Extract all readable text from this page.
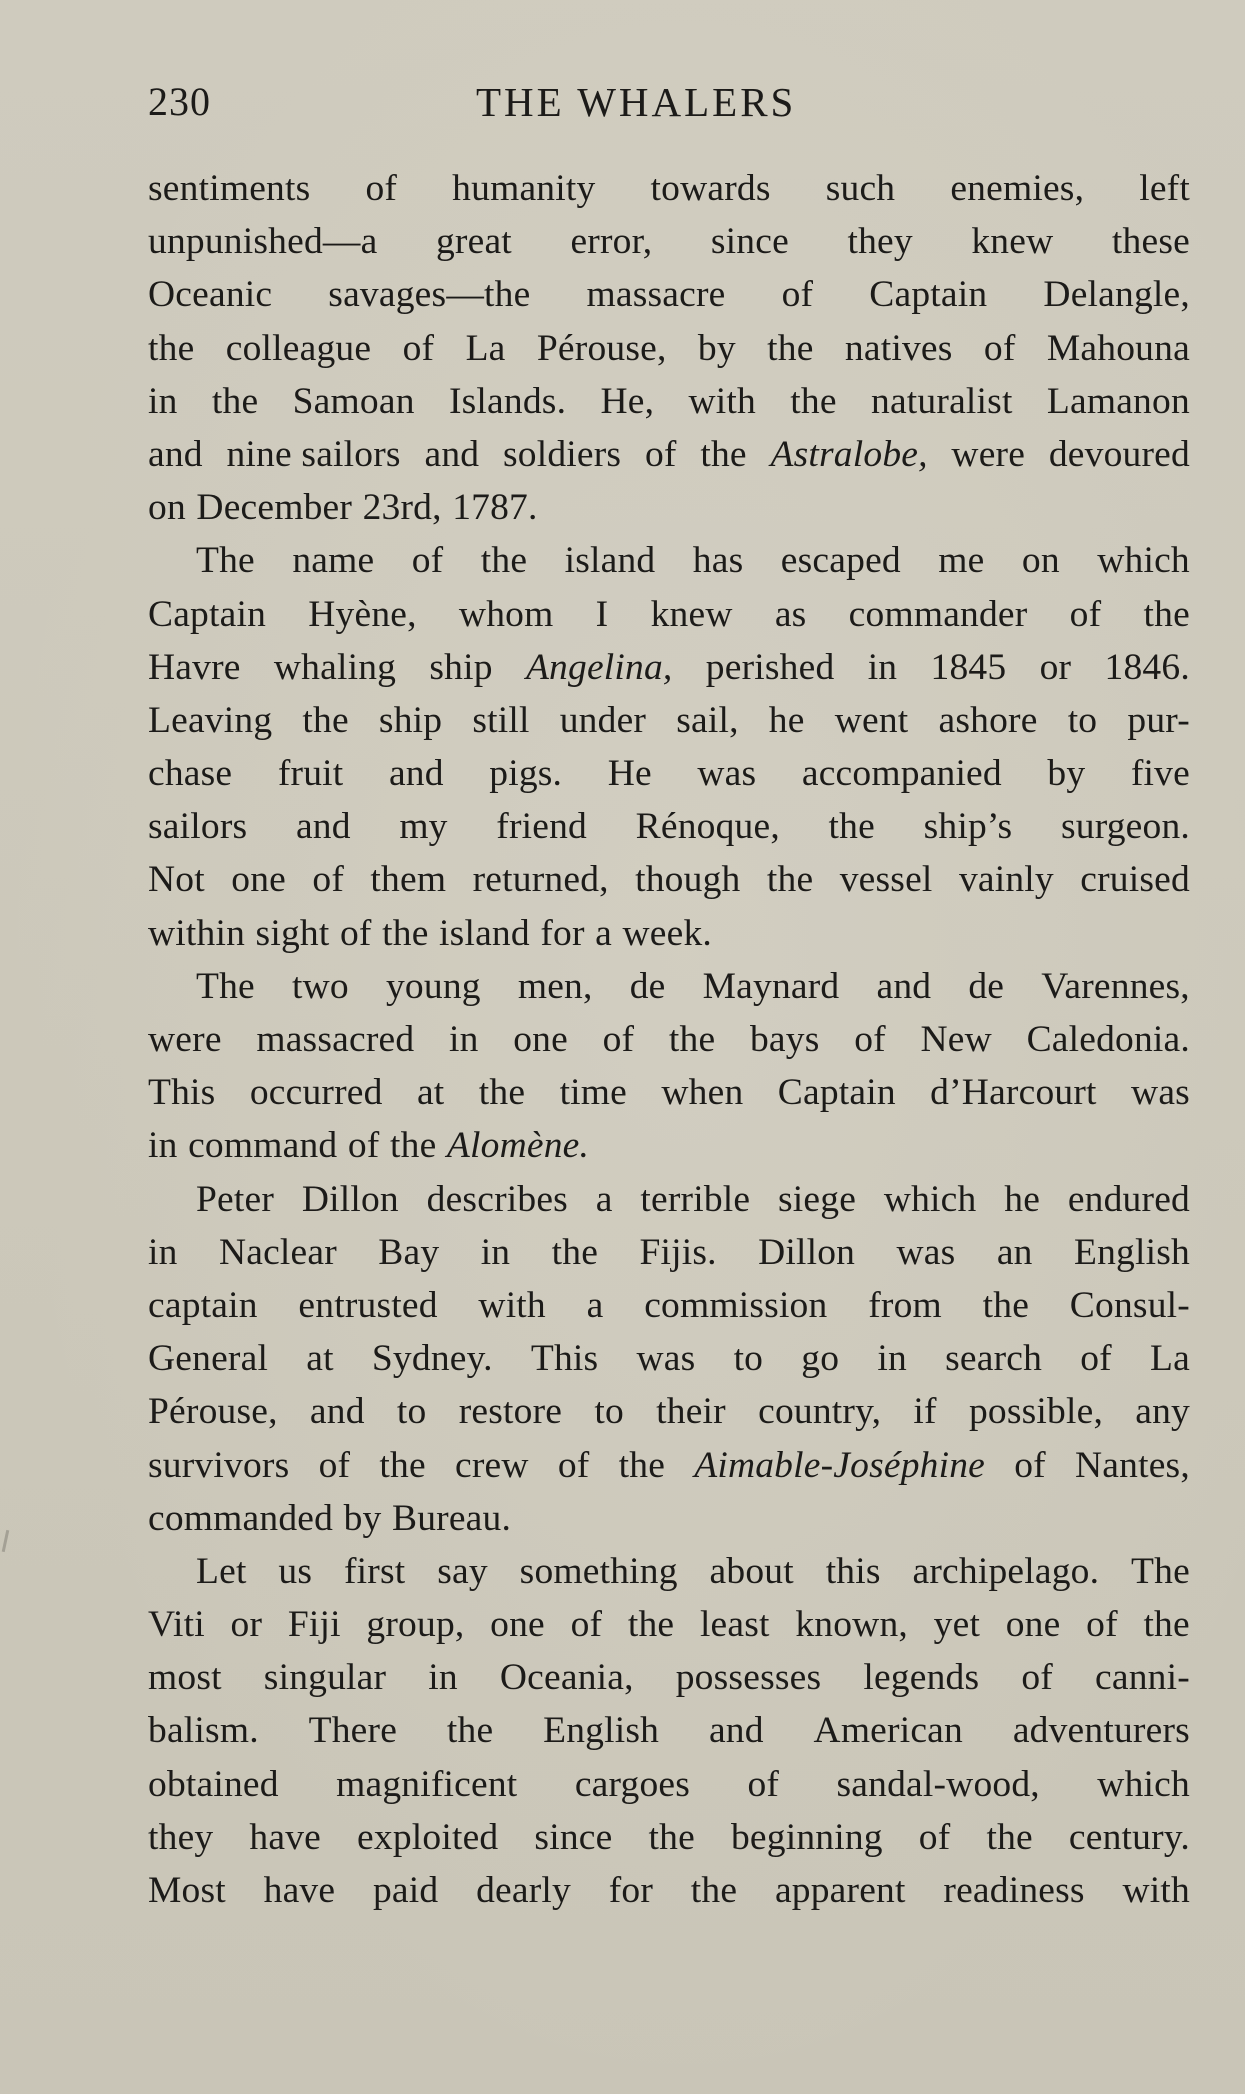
230	THE WHALERS
sentiments of humanity towards such enemies, left
unpunished—a great error, since they knew these
Oceanic savages—the massacre of Captain Delangle,
the colleague of La Pérouse, by the natives of Mahouna
in the Samoan Islands. He, with the naturalist Lamanon
and nine sailors and soldiers of the Astralobe, were devoured
on December 23rd, 1787.
The name of the island has escaped me on which
Captain Hyène, whom I knew as commander of the
Havre whaling ship Angelina, perished in 1845 or 1846.
Leaving the ship still under sail, he went ashore to pur-
chase fruit and pigs. He was accompanied by five
sailors and my friend Rénoque, the ship’s surgeon.
Not one of them returned, though the vessel vainly cruised
within sight of the island for a week.
The two young men, de Maynard and de Varennes,
were massacred in one of the bays of New Caledonia.
This occurred at the time when Captain d’Harcourt was
in command of the Alomène.
Peter Dillon describes a terrible siege which he endured
in Naclear Bay in the Fijis. Dillon was an English
captain entrusted with a commission from the Consul-
General at Sydney. This was to go in search of La
Pérouse, and to restore to their country, if possible, any
survivors of the crew of the Aimable-Joséphine of Nantes,
commanded by Bureau.
Let us first say something about this archipelago. The
Viti or Fiji group, one of the least known, yet one of the
most singular in Oceania, possesses legends of canni-
balism. There the English and American adventurers
obtained magnificent cargoes of sandal-wood, which
they have exploited since the beginning of the century.
Most have paid dearly for the apparent readiness with
